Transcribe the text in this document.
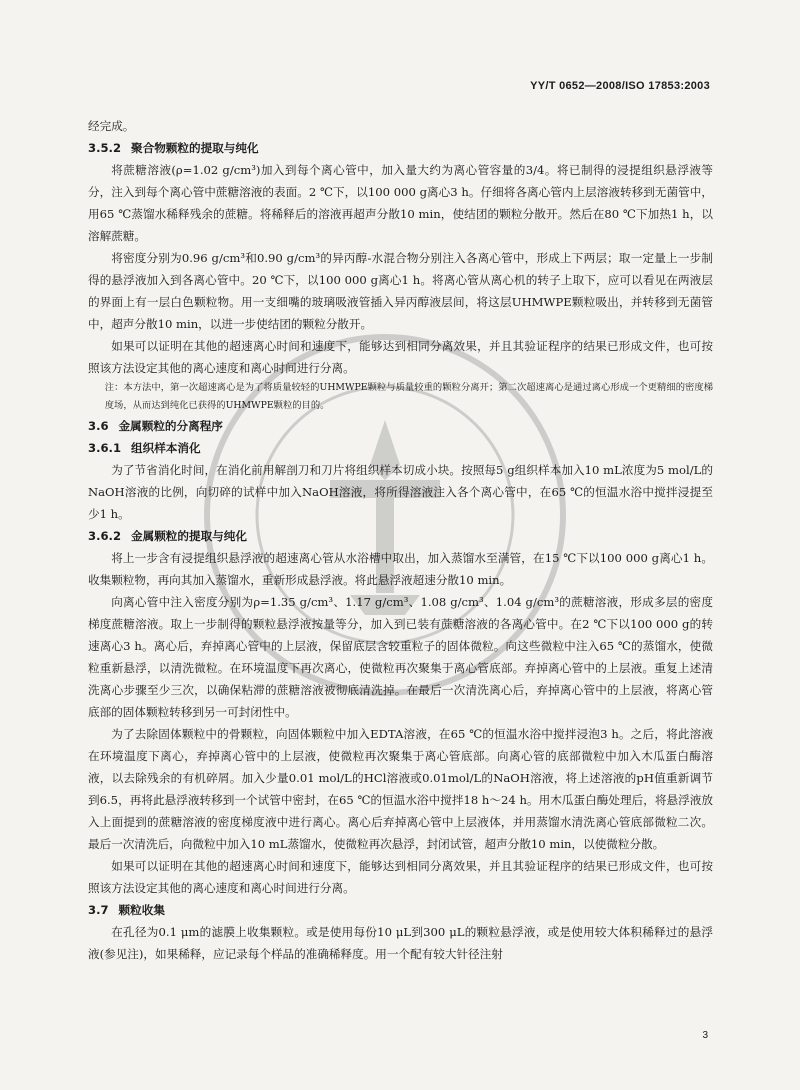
YY/T 0652—2008/ISO 17853:2003

经完成。

3.5.2 聚合物颗粒的提取与纯化

将蔗糖溶液(ρ=1.02 g/cm³)加入到每个离心管中，加入量大约为离心管容量的3/4。将已制得的浸提组织悬浮液等分，注入到每个离心管中蔗糖溶液的表面。2 ℃下，以100 000 g离心3 h。仔细将各离心管内上层溶液转移到无菌管中，用65 ℃蒸馏水稀释残余的蔗糖。将稀释后的溶液再超声分散10 min，使结团的颗粒分散开。然后在80 ℃下加热1 h，以溶解蔗糖。

将密度分别为0.96 g/cm³和0.90 g/cm³的异丙醇-水混合物分别注入各离心管中，形成上下两层；取一定量上一步制得的悬浮液加入到各离心管中。20 ℃下，以100 000 g离心1 h。将离心管从离心机的转子上取下，应可以看见在两液层的界面上有一层白色颗粒物。用一支细嘴的玻璃吸液管插入异丙醇液层间，将这层UHMWPE颗粒吸出，并转移到无菌管中，超声分散10 min，以进一步使结团的颗粒分散开。

如果可以证明在其他的超速离心时间和速度下，能够达到相同分离效果，并且其验证程序的结果已形成文件，也可按照该方法设定其他的离心速度和离心时间进行分离。

注：本方法中，第一次超速离心是为了将质量较轻的UHMWPE颗粒与质量较重的颗粒分离开；第二次超速离心是通过离心形成一个更精细的密度梯度场，从而达到纯化已获得的UHMWPE颗粒的目的。

3.6 金属颗粒的分离程序

3.6.1 组织样本消化

为了节省消化时间，在消化前用解剖刀和刀片将组织样本切成小块。按照每5 g组织样本加入10 mL浓度为5 mol/L的NaOH溶液的比例，向切碎的试样中加入NaOH溶液，将所得溶液注入各个离心管中，在65 ℃的恒温水浴中搅拌浸提至少1 h。

3.6.2 金属颗粒的提取与纯化

将上一步含有浸提组织悬浮液的超速离心管从水浴槽中取出，加入蒸馏水至满管，在15 ℃下以100 000 g离心1 h。收集颗粒物，再向其加入蒸馏水，重新形成悬浮液。将此悬浮液超速分散10 min。

向离心管中注入密度分别为ρ=1.35 g/cm³、1.17 g/cm³、1.08 g/cm³、1.04 g/cm³的蔗糖溶液，形成多层的密度梯度蔗糖溶液。取上一步制得的颗粒悬浮液按量等分，加入到已装有蔗糖溶液的各离心管中。在2 ℃下以100 000 g的转速离心3 h。离心后，弃掉离心管中的上层液，保留底层含较重粒子的固体微粒。向这些微粒中注入65 ℃的蒸馏水，使微粒重新悬浮，以清洗微粒。在环境温度下再次离心，使微粒再次聚集于离心管底部。弃掉离心管中的上层液。重复上述清洗离心步骤至少三次，以确保粘滞的蔗糖溶液被彻底清洗掉。在最后一次清洗离心后，弃掉离心管中的上层液，将离心管底部的固体颗粒转移到另一可封闭性中。

为了去除固体颗粒中的骨颗粒，向固体颗粒中加入EDTA溶液，在65 ℃的恒温水浴中搅拌浸泡3 h。之后，将此溶液在环境温度下离心，弃掉离心管中的上层液，使微粒再次聚集于离心管底部。向离心管的底部微粒中加入木瓜蛋白酶溶液，以去除残余的有机碎屑。加入少量0.01 mol/L的HCl溶液或0.01mol/L的NaOH溶液，将上述溶液的pH值重新调节到6.5，再将此悬浮液转移到一个试管中密封，在65 ℃的恒温水浴中搅拌18 h～24 h。用木瓜蛋白酶处理后，将悬浮液放入上面提到的蔗糖溶液的密度梯度液中进行离心。离心后弃掉离心管中上层液体，并用蒸馏水清洗离心管底部微粒二次。最后一次清洗后，向微粒中加入10 mL蒸馏水，使微粒再次悬浮，封闭试管，超声分散10 min，以使微粒分散。

如果可以证明在其他的超速离心时间和速度下，能够达到相同分离效果，并且其验证程序的结果已形成文件，也可按照该方法设定其他的离心速度和离心时间进行分离。

3.7 颗粒收集

在孔径为0.1 μm的滤膜上收集颗粒。或是使用每份10 μL到300 μL的颗粒悬浮液，或是使用较大体积稀释过的悬浮液(参见注)，如果稀释，应记录每个样品的准确稀释度。用一个配有较大针径注射

3
